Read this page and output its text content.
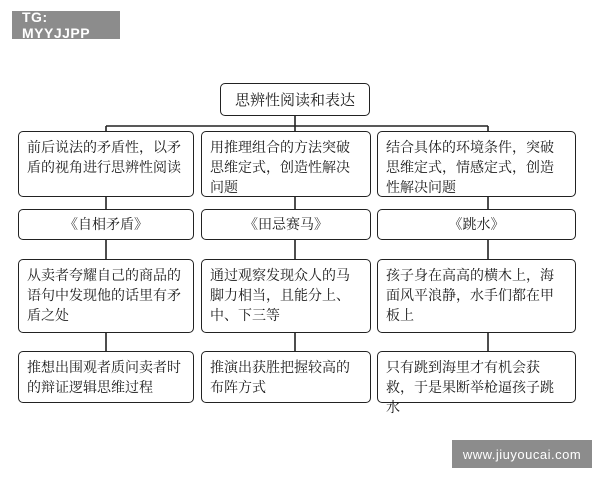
TG: MYYJJPP
思辨性阅读和表达
前后说法的矛盾性，以矛盾的视角进行思辨性阅读
《自相矛盾》
从卖者夸耀自己的商品的语句中发现他的话里有矛盾之处
推想出围观者质问卖者时的辩证逻辑思维过程
用推理组合的方法突破思维定式，创造性解决问题
《田忌赛马》
通过观察发现众人的马脚力相当，且能分上、中、下三等
推演出获胜把握较高的布阵方式
结合具体的环境条件，突破思维定式，情感定式，创造性解决问题
《跳水》
孩子身在高高的横木上，海面风平浪静，水手们都在甲板上
只有跳到海里才有机会获救，于是果断举枪逼孩子跳水
www.jiuyoucai.com
